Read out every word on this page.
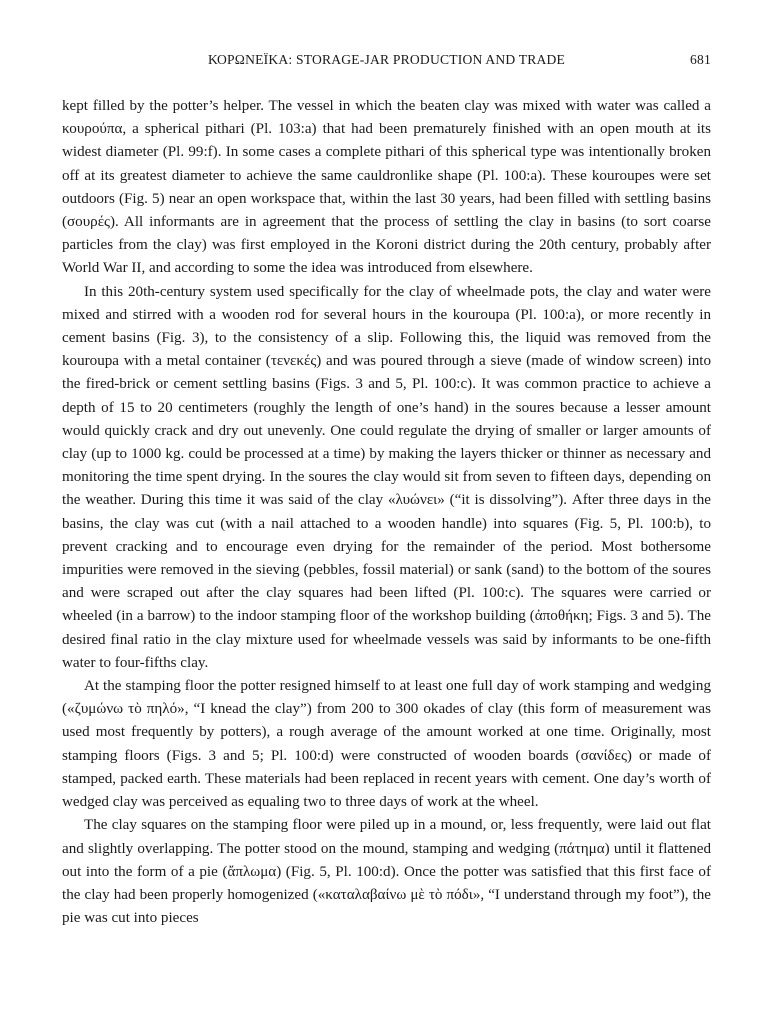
ΚΟΡΩΝΕΪΚΑ: STORAGE-JAR PRODUCTION AND TRADE	681

kept filled by the potter’s helper. The vessel in which the beaten clay was mixed with water was called a κουρούπα, a spherical pithari (Pl. 103:a) that had been prematurely finished with an open mouth at its widest diameter (Pl. 99:f). In some cases a complete pithari of this spherical type was intentionally broken off at its greatest diameter to achieve the same cauldronlike shape (Pl. 100:a). These kouroupes were set outdoors (Fig. 5) near an open workspace that, within the last 30 years, had been filled with settling basins (σουρές). All informants are in agreement that the process of settling the clay in basins (to sort coarse particles from the clay) was first employed in the Koroni district during the 20th century, probably after World War II, and according to some the idea was introduced from elsewhere.

In this 20th-century system used specifically for the clay of wheelmade pots, the clay and water were mixed and stirred with a wooden rod for several hours in the kouroupa (Pl. 100:a), or more recently in cement basins (Fig. 3), to the consistency of a slip. Following this, the liquid was removed from the kouroupa with a metal container (τενεκές) and was poured through a sieve (made of window screen) into the fired-brick or cement settling basins (Figs. 3 and 5, Pl. 100:c). It was common practice to achieve a depth of 15 to 20 centimeters (roughly the length of one’s hand) in the soures because a lesser amount would quickly crack and dry out unevenly. One could regulate the drying of smaller or larger amounts of clay (up to 1000 kg. could be processed at a time) by making the layers thicker or thinner as necessary and monitoring the time spent drying. In the soures the clay would sit from seven to fifteen days, depending on the weather. During this time it was said of the clay «λυώνει» (“it is dissolving”). After three days in the basins, the clay was cut (with a nail attached to a wooden handle) into squares (Fig. 5, Pl. 100:b), to prevent cracking and to encourage even drying for the remainder of the period. Most bothersome impurities were removed in the sieving (pebbles, fossil material) or sank (sand) to the bottom of the soures and were scraped out after the clay squares had been lifted (Pl. 100:c). The squares were carried or wheeled (in a barrow) to the indoor stamping floor of the workshop building (ἀποθήκη; Figs. 3 and 5). The desired final ratio in the clay mixture used for wheelmade vessels was said by informants to be one-fifth water to four-fifths clay.

At the stamping floor the potter resigned himself to at least one full day of work stamping and wedging («ζυμώνω τὸ πηλό», “I knead the clay”) from 200 to 300 okades of clay (this form of measurement was used most frequently by potters), a rough average of the amount worked at one time. Originally, most stamping floors (Figs. 3 and 5; Pl. 100:d) were constructed of wooden boards (σανίδες) or made of stamped, packed earth. These materials had been replaced in recent years with cement. One day’s worth of wedged clay was perceived as equaling two to three days of work at the wheel.

The clay squares on the stamping floor were piled up in a mound, or, less frequently, were laid out flat and slightly overlapping. The potter stood on the mound, stamping and wedging (πάτημα) until it flattened out into the form of a pie (ἄπλωμα) (Fig. 5, Pl. 100:d). Once the potter was satisfied that this first face of the clay had been properly homogenized («καταλαβαίνω μὲ τὸ πόδι», “I understand through my foot”), the pie was cut into pieces
